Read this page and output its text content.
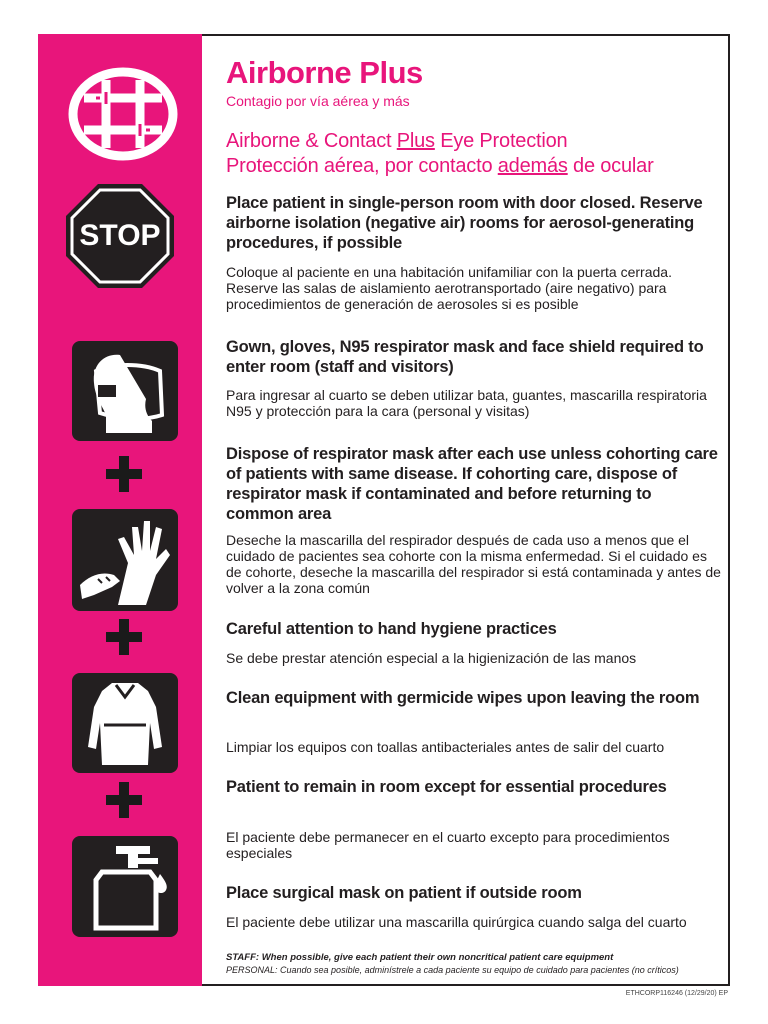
STOP
Airborne Plus
Contagio por vía aérea y más
Airborne & Contact Plus Eye Protection
Protección aérea, por contacto además de ocular
Place patient in single-person room with door closed. Reserve airborne isolation (negative air) rooms for aerosol-generating procedures, if possible
Coloque al paciente en una habitación unifamiliar con la puerta cerrada. Reserve las salas de aislamiento aerotransportado (aire negativo) para procedimientos de generación de aerosoles si es posible
Gown, gloves, N95 respirator mask and face shield required to enter room (staff and visitors)
Para ingresar al cuarto se deben utilizar bata, guantes, mascarilla respiratoria N95 y protección para la cara (personal y visitas)
Dispose of respirator mask after each use unless cohorting care of patients with same disease. If cohorting care, dispose of respirator mask if contaminated and before returning to common area
Deseche la mascarilla del respirador después de cada uso a menos que el cuidado de pacientes sea cohorte con la misma enfermedad. Si el cuidado es de cohorte, deseche la mascarilla del respirador si está contaminada y antes de volver a la zona común
Careful attention to hand hygiene practices
Se debe prestar atención especial a la higienización de las manos
Clean equipment with germicide wipes upon leaving the room
Limpiar los equipos con toallas antibacteriales antes de salir del cuarto
Patient to remain in room except for essential procedures
El paciente debe permanecer en el cuarto excepto para procedimientos especiales
Place surgical mask on patient if outside room
El paciente debe utilizar una mascarilla quirúrgica cuando salga del cuarto
STAFF: When possible, give each patient their own noncritical patient care equipment
PERSONAL: Cuando sea posible, adminístrele a cada paciente su equipo de cuidado para pacientes (no críticos)
ETHCORP116246 (12/29/20) EP
